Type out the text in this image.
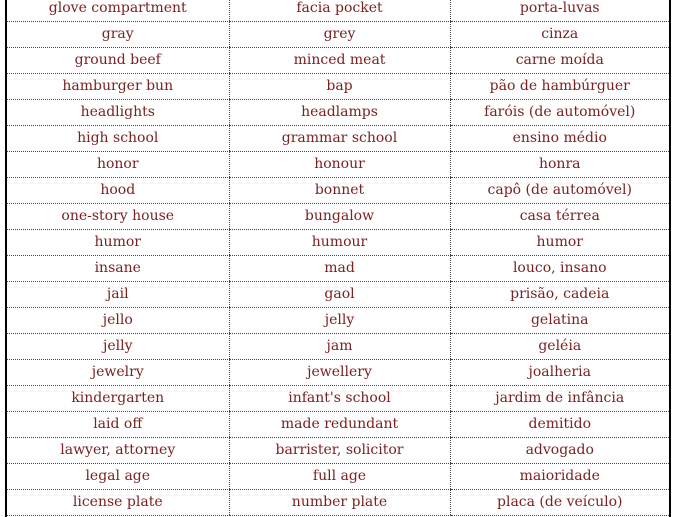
glove compartment	facia pocket	porta-luvas
gray	grey	cinza
ground beef	minced meat	carne moída
hamburger bun	bap	pão de hambúrguer
headlights	headlamps	faróis (de automóvel)
high school	grammar school	ensino médio
honor	honour	honra
hood	bonnet	capô (de automóvel)
one-story house	bungalow	casa térrea
humor	humour	humor
insane	mad	louco, insano
jail	gaol	prisão, cadeia
jello	jelly	gelatina
jelly	jam	geléia
jewelry	jewellery	joalheria
kindergarten	infant's school	jardim de infância
laid off	made redundant	demitido
lawyer, attorney	barrister, solicitor	advogado
legal age	full age	maioridade
license plate	number plate	placa (de veículo)
